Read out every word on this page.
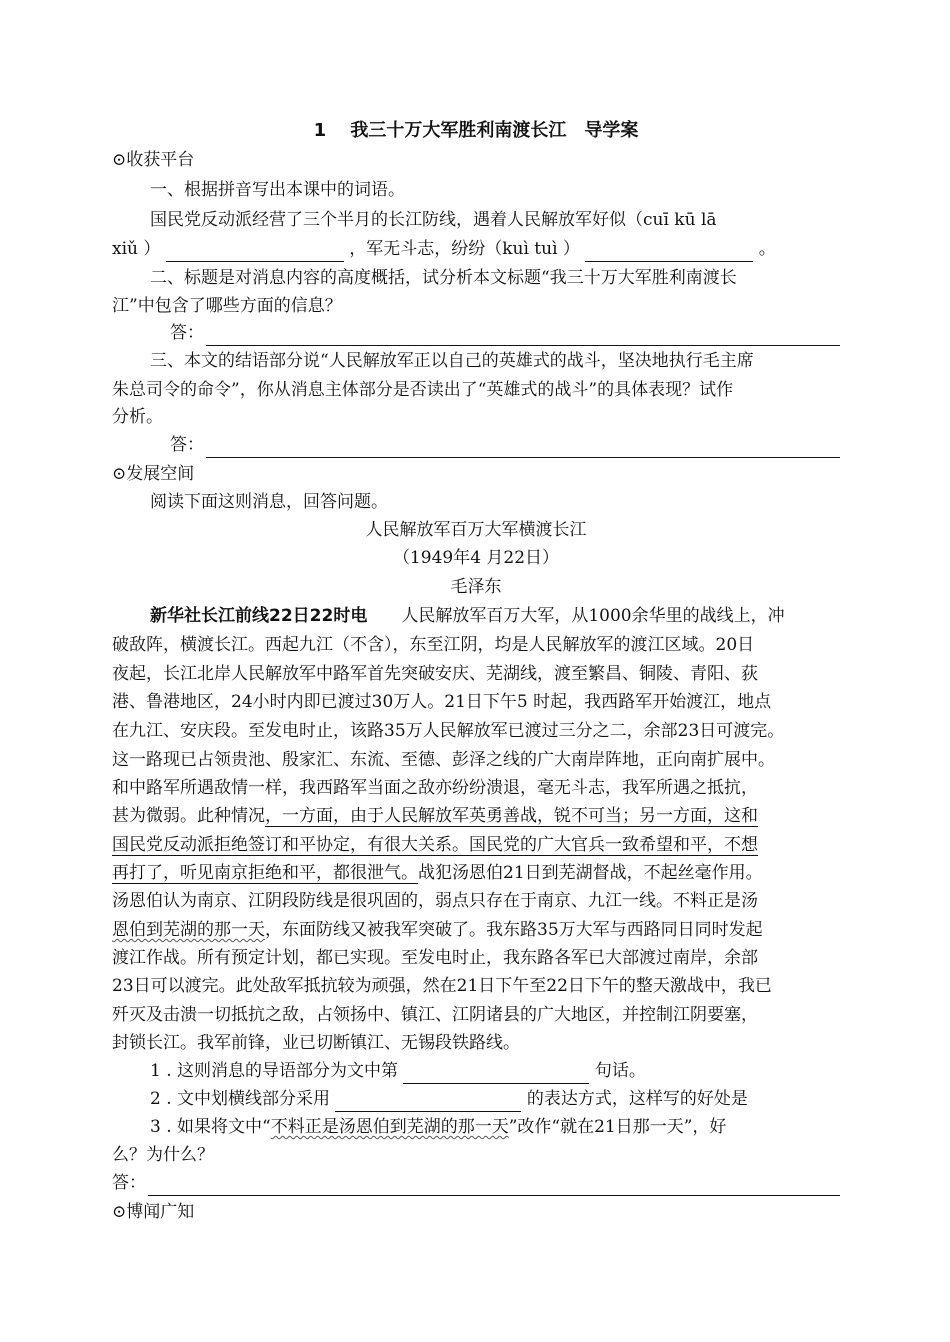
1　 我三十万大军胜利南渡长江　导学案
⊙收获平台
一、根据拼音写出本课中的词语。
国民党反动派经营了三个半月的长江防线，遇着人民解放军好似（cuī kū lā
xiǔ ）	，军无斗志，纷纷（kuì tuì ）	。
二、标题是对消息内容的高度概括，试分析本文标题“我三十万大军胜利南渡长
江”中包含了哪些方面的信息？
答：
三、本文的结语部分说“人民解放军正以自己的英雄式的战斗，坚决地执行毛主席
朱总司令的命令”，你从消息主体部分是否读出了“英雄式的战斗”的具体表现？试作
分析。
答：
⊙发展空间
阅读下面这则消息，回答问题。
人民解放军百万大军横渡长江
（1949年4 月22日）
毛泽东
新华社长江前线22日22时电 人民解放军百万大军，从1000余华里的战线上，冲
破敌阵，横渡长江。西起九江（不含），东至江阴，均是人民解放军的渡江区域。20日
夜起，长江北岸人民解放军中路军首先突破安庆、芜湖线，渡至繁昌、铜陵、青阳、荻
港、鲁港地区，24小时内即已渡过30万人。21日下午5 时起，我西路军开始渡江，地点
在九江、安庆段。至发电时止，该路35万人民解放军已渡过三分之二，余部23日可渡完。
这一路现已占领贵池、殷家汇、东流、至德、彭泽之线的广大南岸阵地，正向南扩展中。
和中路军所遇敌情一样，我西路军当面之敌亦纷纷溃退，毫无斗志，我军所遇之抵抗，
甚为微弱。此种情况，一方面，由于人民解放军英勇善战，锐不可当；另一方面，这和
国民党反动派拒绝签订和平协定，有很大关系。国民党的广大官兵一致希望和平，不想
再打了，听见南京拒绝和平，都很泄气。战犯汤恩伯21日到芜湖督战，不起丝毫作用。
汤恩伯认为南京、江阴段防线是很巩固的，弱点只存在于南京、九江一线。不料正是汤
恩伯到芜湖的那一天，东面防线又被我军突破了。我东路35万大军与西路同日同时发起
渡江作战。所有预定计划，都已实现。至发电时止，我东路各军已大部渡过南岸，余部
23日可以渡完。此处敌军抵抗较为顽强，然在21日下午至22日下午的整天激战中，我已
歼灭及击溃一切抵抗之敌，占领扬中、镇江、江阴诸县的广大地区，并控制江阴要塞，
封锁长江。我军前锋，业已切断镇江、无锡段铁路线。
1 . 这则消息的导语部分为文中第	句话。
2 . 文中划横线部分采用	的表达方式，这样写的好处是
3 . 如果将文中“不料正是汤恩伯到芜湖的那一天”改作“就在21日那一天”，好
么？为什么？
答：
⊙博闻广知
